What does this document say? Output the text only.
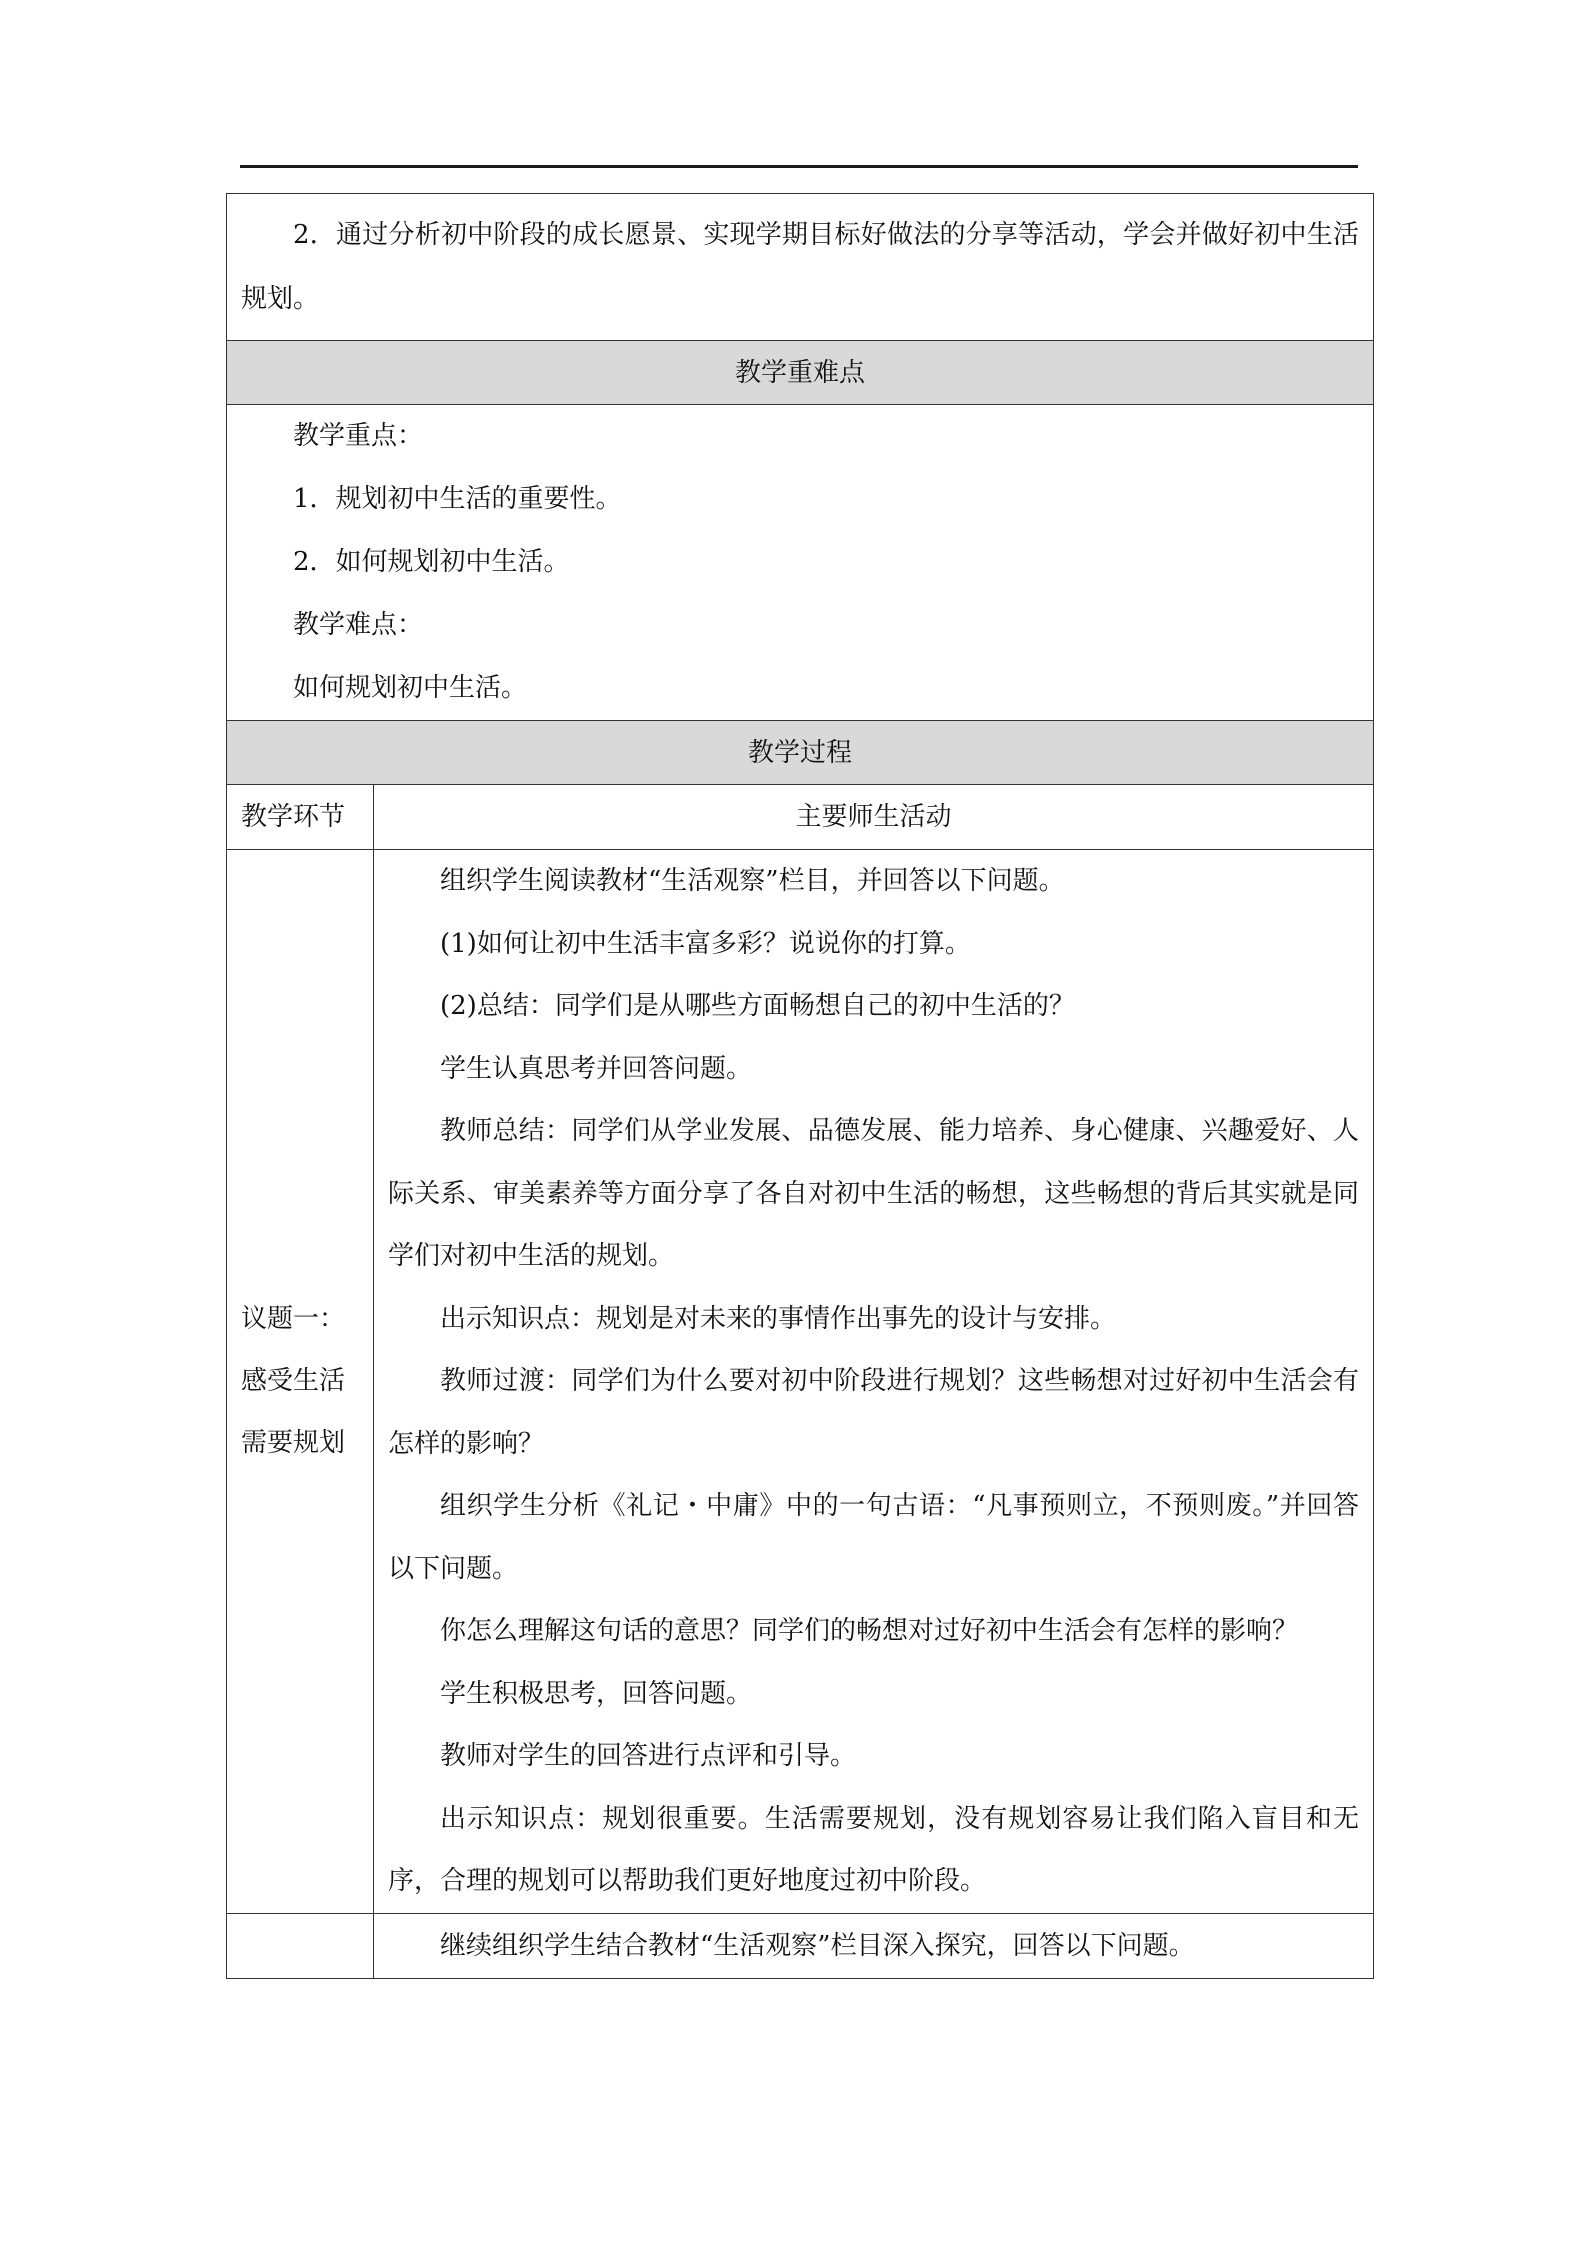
2．通过分析初中阶段的成长愿景、实现学期目标好做法的分享等活动，学会并做好初中生活规划。

教学重难点

教学重点：

1．规划初中生活的重要性。

2．如何规划初中生活。

教学难点：

如何规划初中生活。

教学过程
教学环节	主要师生活动
议题一：
感受生活
需要规划

组织学生阅读教材“生活观察”栏目，并回答以下问题。

(1)如何让初中生活丰富多彩？说说你的打算。

(2)总结：同学们是从哪些方面畅想自己的初中生活的？

学生认真思考并回答问题。

教师总结：同学们从学业发展、品德发展、能力培养、身心健康、兴趣爱好、人际关系、审美素养等方面分享了各自对初中生活的畅想，这些畅想的背后其实就是同学们对初中生活的规划。

出示知识点：规划是对未来的事情作出事先的设计与安排。

教师过渡：同学们为什么要对初中阶段进行规划？这些畅想对过好初中生活会有怎样的影响？

组织学生分析《礼记・中庸》中的一句古语：“凡事预则立，不预则废。”并回答以下问题。

你怎么理解这句话的意思？同学们的畅想对过好初中生活会有怎样的影响？

学生积极思考，回答问题。

教师对学生的回答进行点评和引导。

出示知识点：规划很重要。生活需要规划，没有规划容易让我们陷入盲目和无序，合理的规划可以帮助我们更好地度过初中阶段。

继续组织学生结合教材“生活观察”栏目深入探究，回答以下问题。
